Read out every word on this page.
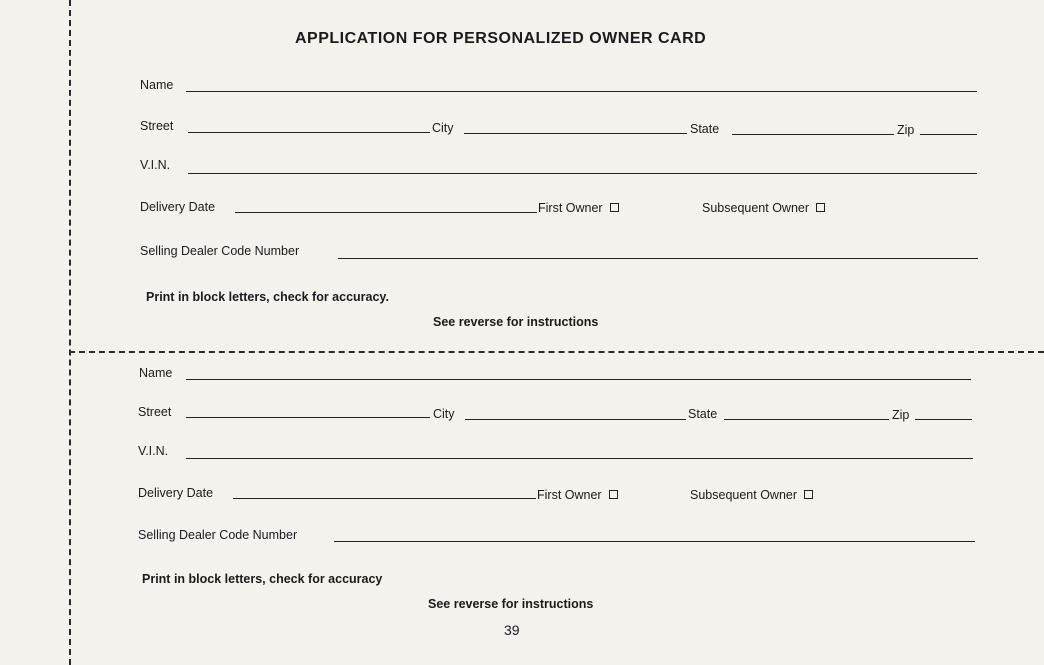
APPLICATION FOR PERSONALIZED OWNER CARD
Name
Street	City	State	Zip
V.I.N.
Delivery Date	First Owner	Subsequent Owner
Selling Dealer Code Number
Print in block letters, check for accuracy.
See reverse for instructions
Name
Street	City	State	Zip
V.I.N.
Delivery Date	First Owner	Subsequent Owner
Selling Dealer Code Number
Print in block letters, check for accuracy
See reverse for instructions
39
